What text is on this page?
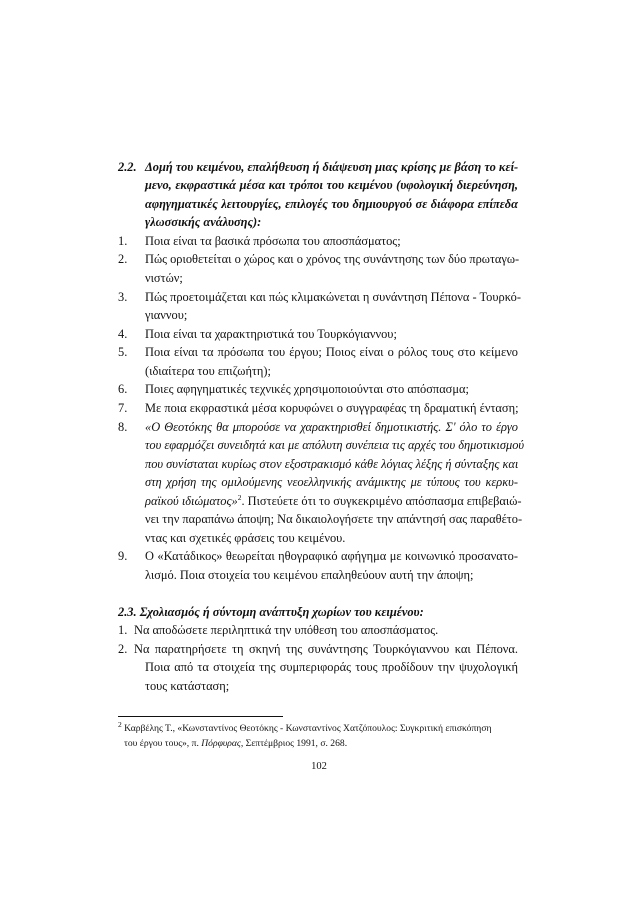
2.2. Δομή του κειμένου, επαλήθευση ή διάψευση μιας κρίσης με βάση το κεί-
μενο, εκφραστικά μέσα και τρόποι του κειμένου (υφολογική διερεύνηση,
αφηγηματικές λειτουργίες, επιλογές του δημιουργού σε διάφορα επίπεδα
γλωσσικής ανάλυσης):
1. Ποια είναι τα βασικά πρόσωπα του αποσπάσματος;
2. Πώς οριοθετείται ο χώρος και ο χρόνος της συνάντησης των δύο πρωταγω-
νιστών;
3. Πώς προετοιμάζεται και πώς κλιμακώνεται η συνάντηση Πέπονα - Τουρκό-
γιαννου;
4. Ποια είναι τα χαρακτηριστικά του Τουρκόγιαννου;
5. Ποια είναι τα πρόσωπα του έργου; Ποιος είναι ο ρόλος τους στο κείμενο
(ιδιαίτερα του επιζωήτη);
6. Ποιες αφηγηματικές τεχνικές χρησιμοποιούνται στο απόσπασμα;
7. Με ποια εκφραστικά μέσα κορυφώνει ο συγγραφέας τη δραματική ένταση;
8. «Ο Θεοτόκης θα μπορούσε να χαρακτηρισθεί δημοτικιστής. Σ' όλο το έργο
του εφαρμόζει συνειδητά και με απόλυτη συνέπεια τις αρχές του δημοτικισμού
που συνίσταται κυρίως στον εξοστρακισμό κάθε λόγιας λέξης ή σύνταξης και
στη χρήση της ομιλούμενης νεοελληνικής ανάμικτης με τύπους του κερκυ-
ραϊκού ιδιώματος»$^2$ . Πιστεύετε ότι το συγκεκριμένο απόσπασμα επιβεβαιώ-
νει την παραπάνω άποψη; Να δικαιολογήσετε την απάντησή σας παραθέτο-
ντας και σχετικές φράσεις του κειμένου.
9. Ο «Κατάδικος» θεωρείται ηθογραφικό αφήγημα με κοινωνικό προσανατο-
λισμό. Ποια στοιχεία του κειμένου επαληθεύουν αυτή την άποψη;
2.3. Σχολιασμός ή σύντομη ανάπτυξη χωρίων του κειμένου:
1. Να αποδώσετε περιληπτικά την υπόθεση του αποσπάσματος.
2. Να παρατηρήσετε τη σκηνή της συνάντησης Τουρκόγιαννου και Πέπονα.
Ποια από τα στοιχεία της συμπεριφοράς τους προδίδουν την ψυχολογική
τους κατάσταση;
$^2$ Καρβέλης Τ., «Κωνσταντίνος Θεοτόκης - Κωνσταντίνος Χατζόπουλος: Συγκριτική επισκόπηση
του έργου τους», π. Πόρφυρας, Σεπτέμβριος 1991, σ. 268.
102
